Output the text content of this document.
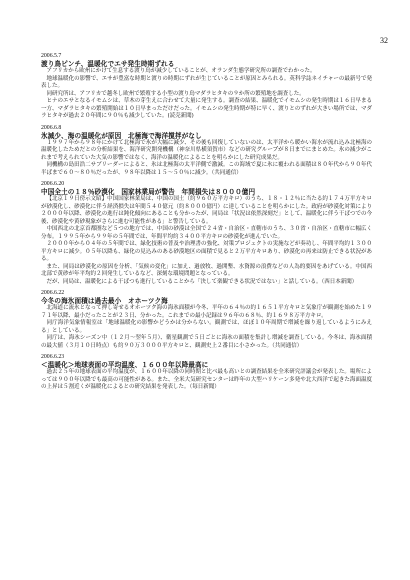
32

2006.5.7

渡り鳥ピンチ、温暖化でエサ発生時期ずれる

アフリカから欧州にかけて生息する渡り鳥が減少していることが、オランダ生態学研究所の調査でわかった。

地球温暖化の影響で、エサが豊富な時期と渡りの時期にずれが生じていることが原因とみられる。英科学誌ネイチャーの最新号で発表した。

同研究所は、アフリカで越冬し欧州で繁殖する小型の渡り鳥マダラヒタキの９か所の繁殖地を調査した。

ヒナのエサとなるイモムシは、草木の芽生えに合わせて大量に発生する。調査の結果、温暖化でイモムシの発生時期は１６日早まる一方、マダラヒタキの繁殖開始は１０日早まっただけだった。イモムシの発生時期が特に早く、渡りとのずれが大きい場所では、マダラヒタキが過去２０年間に９０％も減少していた。(読売新聞)

2006.6.8

氷減少、海の温暖化が原因　北極海で海洋撹拌がなし

１９９７年から９８年にかけて北極海で氷が大幅に減少、その後も回復していないのは、太平洋から暖かい海水が流れ込み北極海の温暖化したためだとの分析結果を、海洋研究開発機構（神奈川県横須賀市）などの研究グループが８日までにまとめた。氷の減少がこれまで考えられていた大気の影響ではなく、海洋の温暖化によることを明らかにした研究成果だ。

同機構の島田浩二サブリーダーによると、氷は北極海の太平洋側で激減。この海域で夏に氷に覆われる面積は８０年代から９０年代半ばまで６０〜８０％だったが、９８年以降は１５〜５０％に減少。（共同通信）

2006.6.20

中国全土の１８％砂漠化　国家林業局が警告　年間損失は８０００億円

【北京１９日傍示文昭】中国国家林業局は、中国の国土（約９６０万平方キロ）のうち、１８・１２％に当たる約１７４万平方キロが砂漠化し、砂漠化に伴う経済損失は年間５４０億元（約８０００億円）に達していることを明らかにした。政府が砂漠化対策により２０００年以降、砂漠化の進行は鈍化傾向にあることも分かったが、同局は「状況は依然深刻だ」として、温暖化に伴う干ばつでの今後、砂漠化や黄砂現象がさらに進む可能性がある」と警告している。

中国西北の北京首都圏など５つの地方では、中国の砂漠は全国で２４省・自治区・直轄市のうち、３０省・自治区・直轄市に幅広く分布。１９９５年から９９年の５年間では、年間平均約３４００平方キロの砂漠化が進んでいた。

２０００年から０４年の５年間では、緑化技術の普及や治理書の強化、対策プロジェクトの実施などが奏功し、年間平均約１３００平方キロに減少。０５年以降も、緑化の見込みのある砂漠地区の面積で見ると２万平方キロあり、砂漠化の再来は防止できる状況がある。

また、同局は砂漠化の原因を分析、「気候の変化」に加え、過放牧、過開墾、水資源の浪費などの人為的要因をあげている。中国西北部で黄砂が年平均約２回発生しているなど、深刻な環境問題となっている。

だが、同局は、温暖化による干ばつも進行していることから「決して楽観できる状況ではない」と話している。（西日本新聞）

2006.6.22

今冬の海氷面積は過去最小　オホーツク海

北海道に流氷となって押し寄せるオホーツク海の海氷面積が今冬、平年の６４％の約１６５１平方キロと気象庁が観測を始めた１９７１年以降、最小だったことが２３日、分かった。これまでの最小記録は９６年の６８％、約１６９８万平方キロ。

同庁海洋気象情報室は「地球温暖化の影響かどうかは分からない。観測では、ほぼ１０年周期で増減を繰り返しているようにみえる」としている。

同庁は、海氷シーズン中（１２月〜翌年５月）、衛星観測で５日ごとに海氷の面積を集計し増減を調査している。今冬は、海氷面積の最大値（３月１０日時点）も約９０万３０００平方キロと、観測史上２番目に小さかった。（共同通信）

2006.6.23

＜温暖化＞地球表面の平均温度、１６００年以降最高に

過去２５年の地球表面の平均温度が、１６００年以降の同時期と比べ最も高いとの調査結果を全米研究評議会が発表した。場所によっては９００年以降でも最高の可能性がある。また、全米大気研究センターは昨年の大型ハリケーン多発や北大西洋で起きた海面温度の上昇は５割近くが温暖化によるとの研究結果を発表した。（毎日新聞）
